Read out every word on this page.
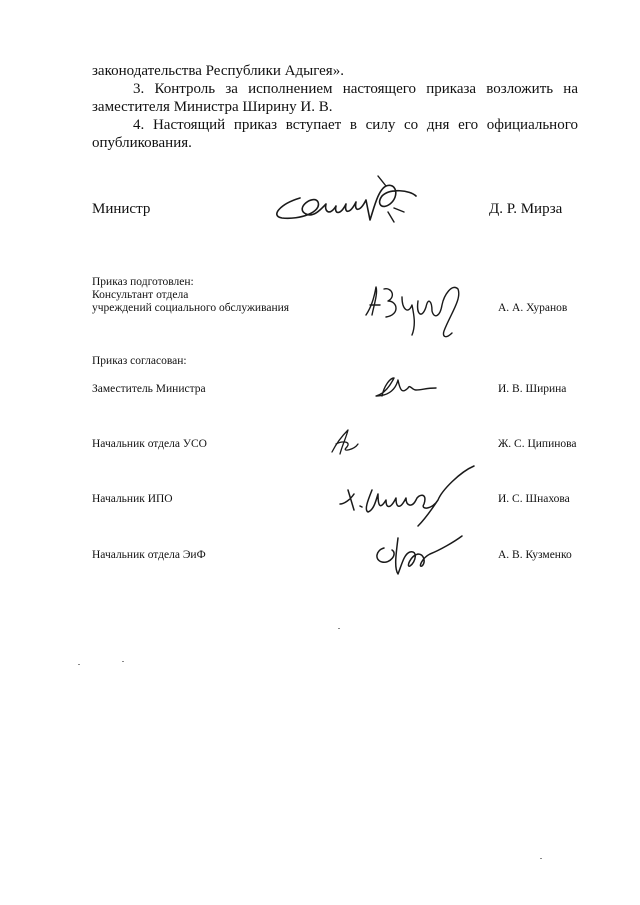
законодательства Республики Адыгея».

3. Контроль за исполнением настоящего приказа возложить на заместителя Министра Ширину И. В.

4. Настоящий приказ вступает в силу со дня его официального опубликования.

Министр	Д. Р. Мирза
Приказ подготовлен:
Консультант отдела
учреждений социального обслуживания	А. А. Хуранов
Приказ согласован:
Заместитель Министра	И. В. Ширина
Начальник отдела УСО	Ж. С. Ципинова
Начальник ИПО	И. С. Шнахова
Начальник отдела ЭиФ	А. В. Кузменко
